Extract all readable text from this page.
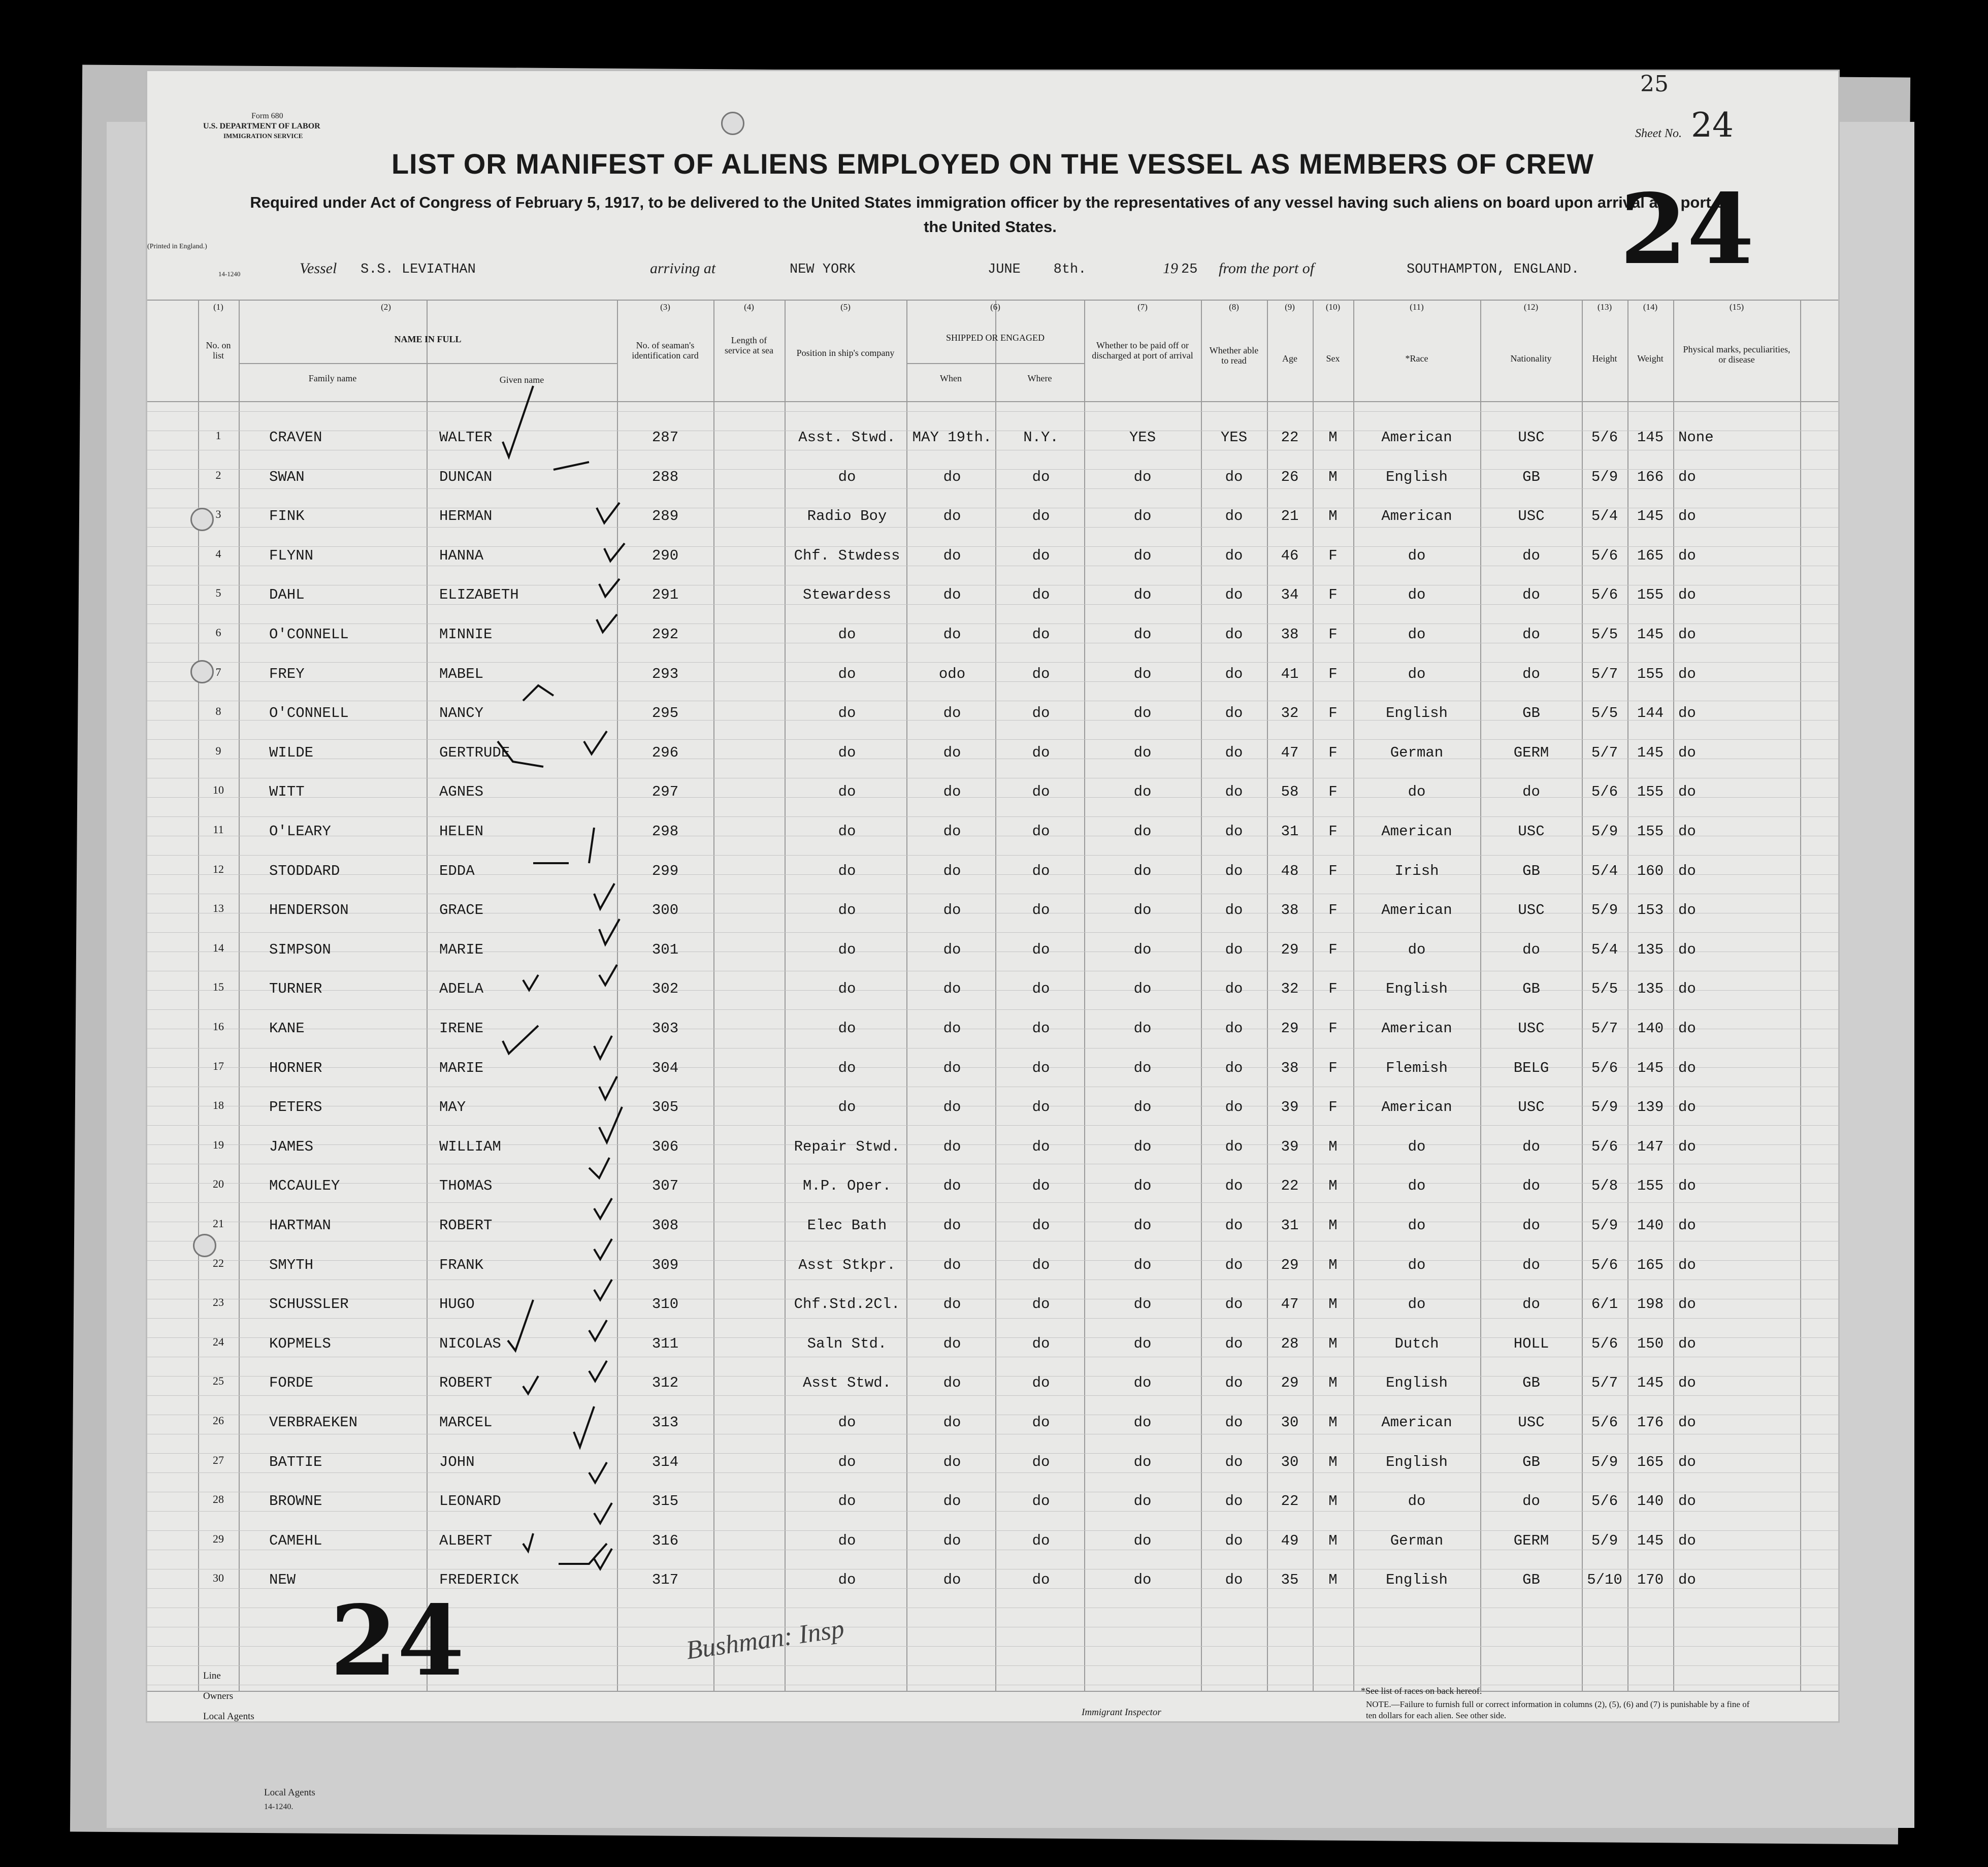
Local Agents
14-1240.
Form 680
U.S. DEPARTMENT OF LABOR
IMMIGRATION SERVICE
(Printed in England.)
14-1240
25
Sheet No. 24
LIST OR MANIFEST OF ALIENS EMPLOYED ON THE VESSEL AS MEMBERS OF CREW
Required under Act of Congress of February 5, 1917, to be delivered to the United States immigration officer by the representatives of any vessel having such aliens on board upon arrival at a port of the United States.	24
Vessel S.S. LEVIATHAN	arriving at	NEW YORK	JUNE    8th.	19 25 from the port of	SOUTHAMPTON, ENGLAND.
(1)	(2)	(3)	(4)	(5)	(6)	(7)	(8)	(9)	(10)	(11)	(12)	(13)	(14)	(15)
No. on list
NAME IN FULL
Family name	Given name
No. of seaman's identification card
Length of service at sea	Position in ship's company
SHIPPED OR ENGAGED
When	Where
Whether to be paid off or discharged at port of arrival	Whether able to read	Age	Sex	*Race	Nationality	Height	Weight
Physical marks, peculiarities, or disease
1	CRAVEN	WALTER	287	Asst. Stwd.	MAY 19th.	N.Y.	YES	YES	22	M	American	USC	5/6	145 None
2	SWAN	DUNCAN	288	do	do	do	do	do	26	M	English	GB	5/9	166 do
3	FINK	HERMAN	289	Radio Boy	do	do	do	do	21	M	American	USC	5/4	145 do
4	FLYNN	HANNA	290	Chf. Stwdess	do	do	do	do	46	F	do	do	5/6	165 do
5	DAHL	ELIZABETH	291	Stewardess	do	do	do	do	34	F	do	do	5/6	155 do
6	O'CONNELL	MINNIE	292	do	do	do	do	do	38	F	do	do	5/5	145 do
7	FREY	MABEL	293	do	odo	do	do	do	41	F	do	do	5/7	155 do
8	O'CONNELL	NANCY	295	do	do	do	do	do	32	F	English	GB	5/5	144 do
9	WILDE	GERTRUDE	296	do	do	do	do	do	47	F	German	GERM	5/7	145 do
10	WITT	AGNES	297	do	do	do	do	do	58	F	do	do	5/6	155 do
11	O'LEARY	HELEN	298	do	do	do	do	do	31	F	American	USC	5/9	155 do
12	STODDARD	EDDA	299	do	do	do	do	do	48	F	Irish	GB	5/4	160 do
13	HENDERSON	GRACE	300	do	do	do	do	do	38	F	American	USC	5/9	153 do
14	SIMPSON	MARIE	301	do	do	do	do	do	29	F	do	do	5/4	135 do
15	TURNER	ADELA	302	do	do	do	do	do	32	F	English	GB	5/5	135 do
16	KANE	IRENE	303	do	do	do	do	do	29	F	American	USC	5/7	140 do
17	HORNER	MARIE	304	do	do	do	do	do	38	F	Flemish	BELG	5/6	145 do
18	PETERS	MAY	305	do	do	do	do	do	39	F	American	USC	5/9	139 do
19	JAMES	WILLIAM	306	Repair Stwd.	do	do	do	do	39	M	do	do	5/6	147 do
20	MCCAULEY	THOMAS	307	M.P. Oper.	do	do	do	do	22	M	do	do	5/8	155 do
21	HARTMAN	ROBERT	308	Elec Bath	do	do	do	do	31	M	do	do	5/9	140 do
22	SMYTH	FRANK	309	Asst Stkpr.	do	do	do	do	29	M	do	do	5/6	165 do
23	SCHUSSLER	HUGO	310	Chf.Std.2Cl.	do	do	do	do	47	M	do	do	6/1	198 do
24	KOPMELS	NICOLAS	311	Saln Std.	do	do	do	do	28	M	Dutch	HOLL	5/6	150 do
25	FORDE	ROBERT	312	Asst Stwd.	do	do	do	do	29	M	English	GB	5/7	145 do
26	VERBRAEKEN	MARCEL	313	do	do	do	do	do	30	M	American	USC	5/6	176 do
27	BATTIE	JOHN	314	do	do	do	do	do	30	M	English	GB	5/9	165 do
28	BROWNE	LEONARD	315	do	do	do	do	do	22	M	do	do	5/6	140 do
29	CAMEHL	ALBERT	316	do	do	do	do	do	49	M	German	GERM	5/9	145 do
30	NEW	FREDERICK	317	do	do	do	do	do	35	M	English	GB	5/10	170 do
24	Bushman: Insp
Line
Owners
Local Agents	Immigrant Inspector
*See list of races on back hereof.
NOTE.—Failure to furnish full or correct information in columns (2), (5), (6) and (7) is punishable by a fine of ten dollars for each alien. See other side.
